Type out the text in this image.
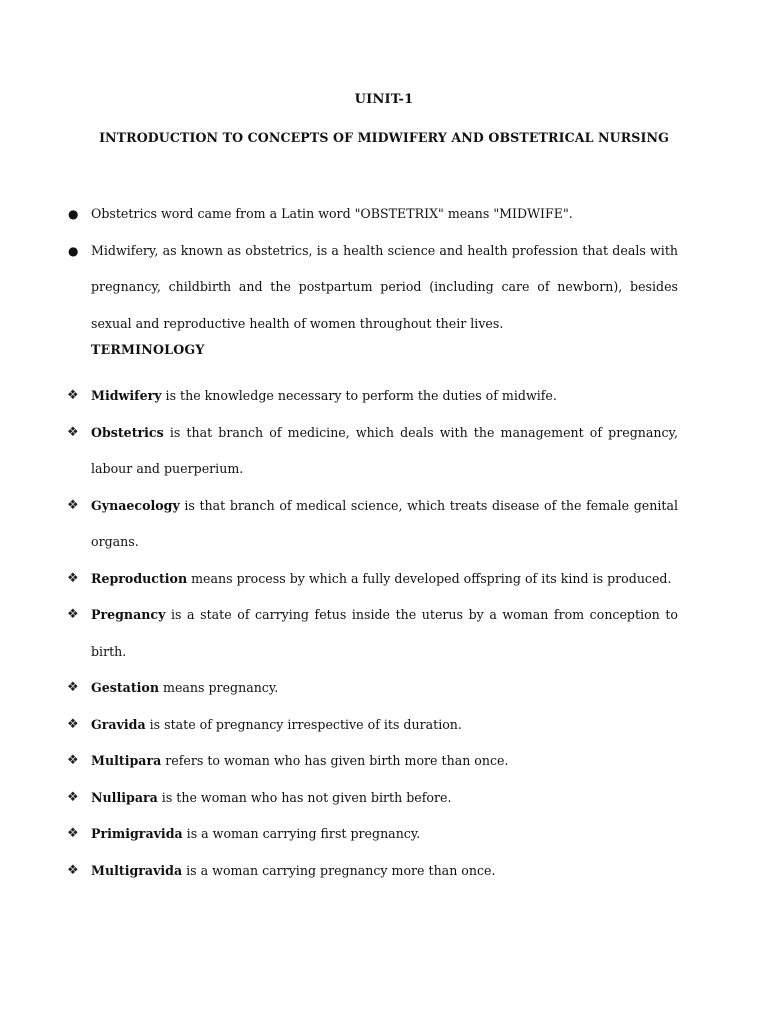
UINIT-1
INTRODUCTION TO CONCEPTS OF MIDWIFERY AND OBSTETRICAL NURSING
● Obstetrics word came from a Latin word "OBSTETRIX" means "MIDWIFE".
● Midwifery, as known as obstetrics, is a health science and health profession that deals with pregnancy, childbirth and the postpartum period (including care of newborn), besides sexual and reproductive health of women throughout their lives.
TERMINOLOGY
❖ Midwifery is the knowledge necessary to perform the duties of midwife.
❖ Obstetrics is that branch of medicine, which deals with the management of pregnancy, labour and puerperium.
❖ Gynaecology is that branch of medical science, which treats disease of the female genital organs.
❖ Reproduction means process by which a fully developed offspring of its kind is produced.
❖ Pregnancy is a state of carrying fetus inside the uterus by a woman from conception to birth.
❖ Gestation means pregnancy.
❖ Gravida is state of pregnancy irrespective of its duration.
❖ Multipara refers to woman who has given birth more than once.
❖ Nullipara is the woman who has not given birth before.
❖ Primigravida is a woman carrying first pregnancy.
❖ Multigravida is a woman carrying pregnancy more than once.
